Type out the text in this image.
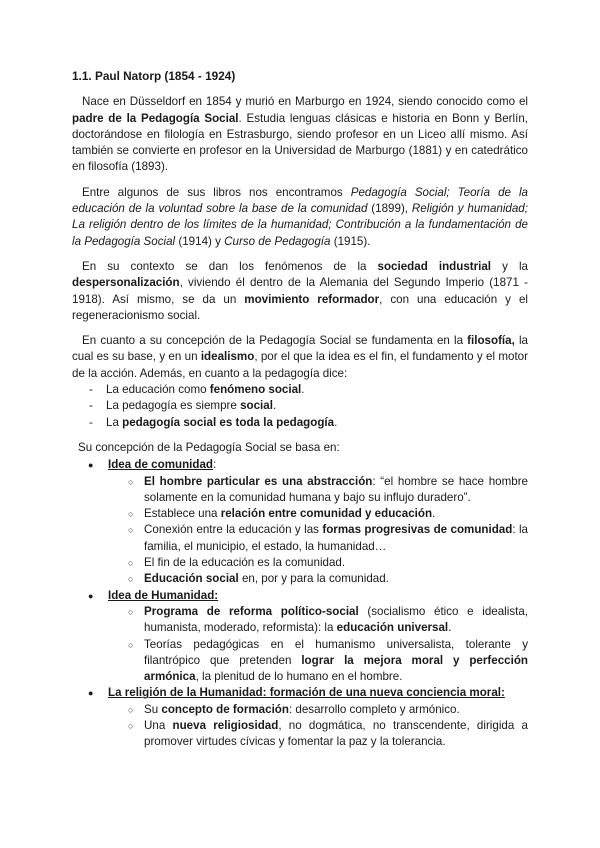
1.1. Paul Natorp (1854 - 1924)

Nace en Düsseldorf en 1854 y murió en Marburgo en 1924, siendo conocido como el padre de la Pedagogía Social. Estudia lenguas clásicas e historia en Bonn y Berlín, doctorándose en filología en Estrasburgo, siendo profesor en un Liceo allí mismo. Así también se convierte en profesor en la Universidad de Marburgo (1881) y en catedrático en filosofía (1893).

Entre algunos de sus libros nos encontramos Pedagogía Social; Teoría de la educación de la voluntad sobre la base de la comunidad (1899), Religión y humanidad; La religión dentro de los límites de la humanidad; Contribución a la fundamentación de la Pedagogía Social (1914) y Curso de Pedagogía (1915).

En su contexto se dan los fenómenos de la sociedad industrial y la despersonalización, viviendo él dentro de la Alemania del Segundo Imperio (1871 - 1918). Así mismo, se da un movimiento reformador, con una educación y el regeneracionismo social.

En cuanto a su concepción de la Pedagogía Social se fundamenta en la filosofía, la cual es su base, y en un idealismo, por el que la idea es el fin, el fundamento y el motor de la acción. Además, en cuanto a la pedagogía dice:

- La educación como fenómeno social.
- La pedagogía es siempre social.
- La pedagogía social es toda la pedagogía.

Su concepción de la Pedagogía Social se basa en:

● Idea de comunidad:
○ El hombre particular es una abstracción: “el hombre se hace hombre solamente en la comunidad humana y bajo su influjo duradero”.
○ Establece una relación entre comunidad y educación.
○ Conexión entre la educación y las formas progresivas de comunidad: la familia, el municipio, el estado, la humanidad…
○ El fin de la educación es la comunidad.
○ Educación social en, por y para la comunidad.
● Idea de Humanidad:
○ Programa de reforma político-social (socialismo ético e idealista, humanista, moderado, reformista): la educación universal.
○ Teorías pedagógicas en el humanismo universalista, tolerante y filantrópico que pretenden lograr la mejora moral y perfección armónica, la plenitud de lo humano en el hombre.
● La religión de la Humanidad: formación de una nueva conciencia moral:
○ Su concepto de formación: desarrollo completo y armónico.
○ Una nueva religiosidad, no dogmática, no transcendente, dirigida a promover virtudes cívicas y fomentar la paz y la tolerancia.
